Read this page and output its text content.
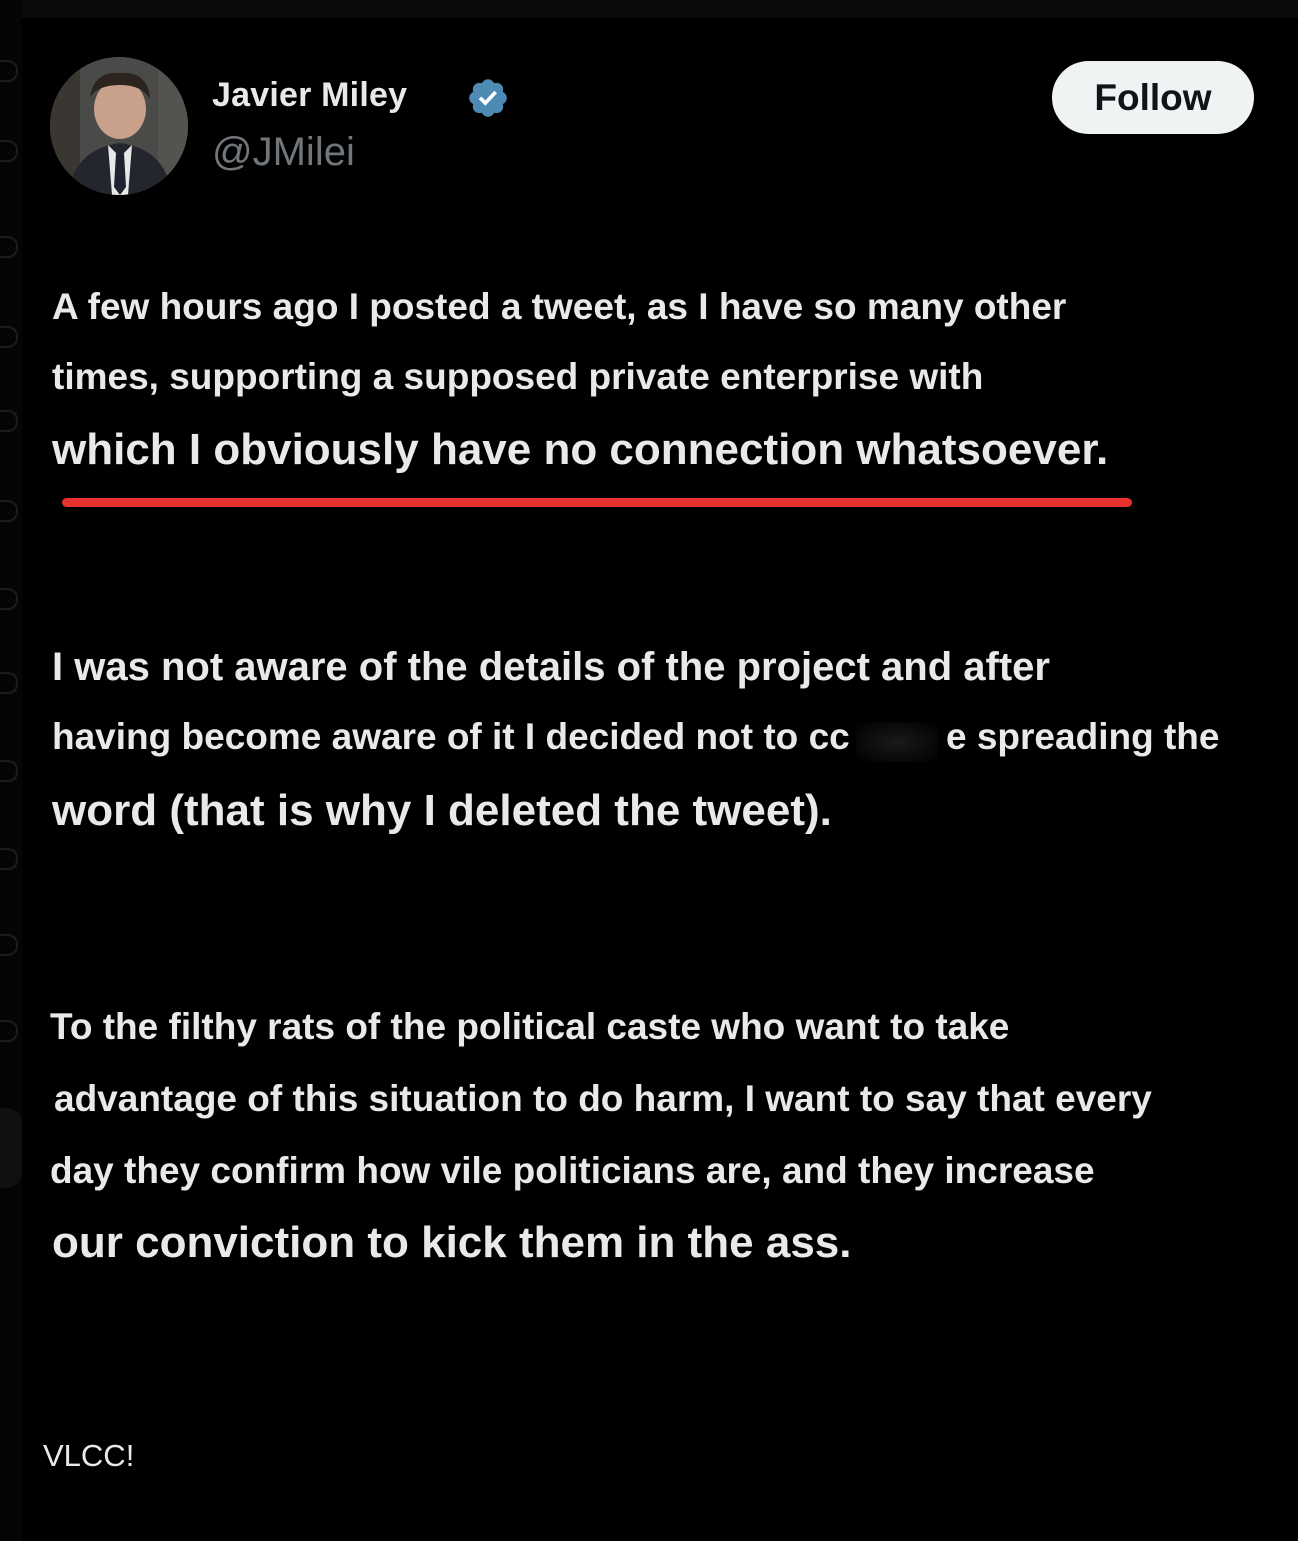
Javier Miley
@JMilei
Follow
A few hours ago I posted a tweet, as I have so many other
times, supporting a supposed private enterprise with
which I obviously have no connection whatsoever.
I was not aware of the details of the project and after
having become aware of it I decided not to cc	e spreading the
word (that is why I deleted the tweet).
To the filthy rats of the political caste who want to take
advantage of this situation to do harm, I want to say that every
day they confirm how vile politicians are, and they increase
our conviction to kick them in the ass.
VLCC!
